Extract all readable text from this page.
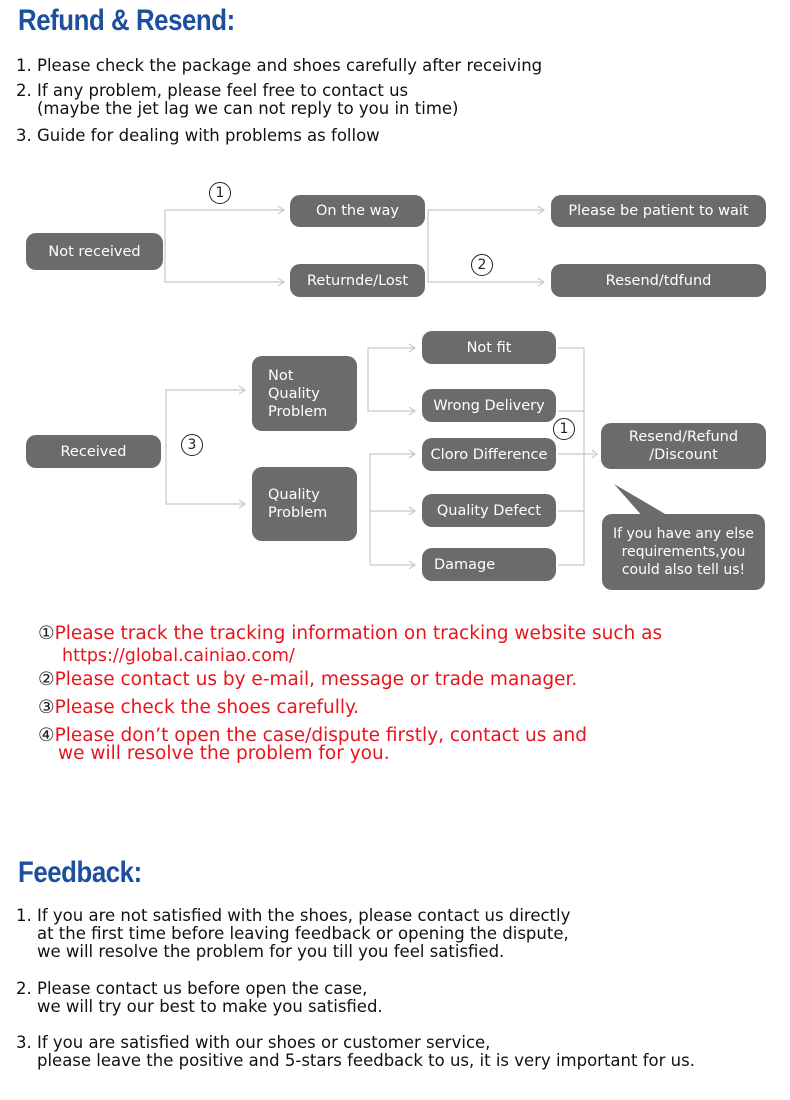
Refund & Resend:
1. Please check the package and shoes carefully after receiving
2. If any problem, please feel free to contact us
(maybe the jet lag we can not reply to you in time)
3. Guide for dealing with problems as follow
1
2
3
1
Not received
On the way
Returnde/Lost
Please be patient to wait
Resend/tdfund
Received
Not
Quality
Problem
Quality
Problem
Not fit
Wrong Delivery
Cloro Difference
Quality Defect
Damage
Resend/Refund
/Discount
If you have any else
requirements,you
could also tell us!
①Please track the tracking information on tracking website such as
https://global.cainiao.com/
②Please contact us by e-mail, message or trade manager.
③Please check the shoes carefully.
④Please don’t open the case/dispute firstly, contact us and
we will resolve the problem for you.
Feedback:
1. If you are not satisfied with the shoes, please contact us directly
at the first time before leaving feedback or opening the dispute,
we will resolve the problem for you till you feel satisfied.
2. Please contact us before open the case,
we will try our best to make you satisfied.
3. If you are satisfied with our shoes or customer service,
please leave the positive and 5-stars feedback to us, it is very important for us.
